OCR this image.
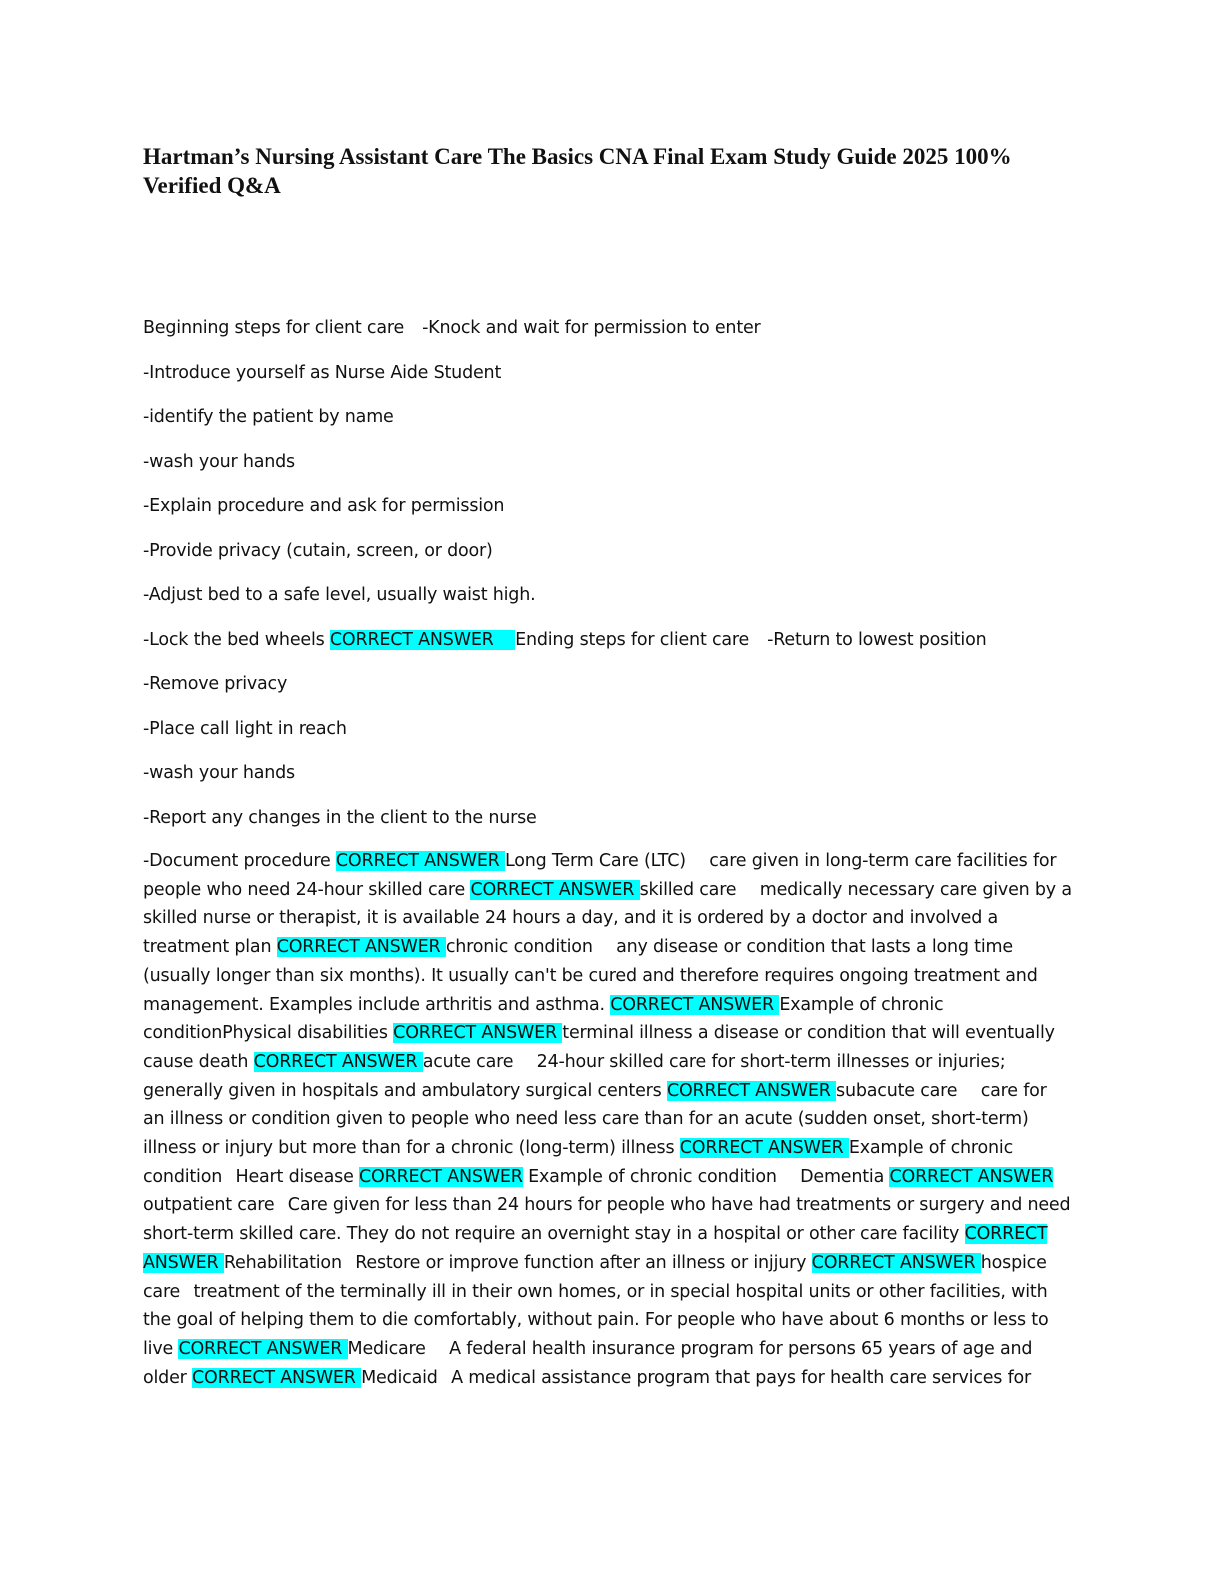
Hartman’s Nursing Assistant Care The Basics CNA Final Exam Study Guide 2025 100%
Verified Q&A
Beginning steps for client care -Knock and wait for permission to enter
-Introduce yourself as Nurse Aide Student
-identify the patient by name
-wash your hands
-Explain procedure and ask for permission
-Provide privacy (cutain, screen, or door)
-Adjust bed to a safe level, usually waist high.
-Lock the bed wheels CORRECT ANSWER Ending steps for client care -Return to lowest position
-Remove privacy
-Place call light in reach
-wash your hands
-Report any changes in the client to the nurse
-Document procedure CORRECT ANSWER Long Term Care (LTC) care given in long-term care facilities for people who need 24-hour skilled care CORRECT ANSWER skilled care medically necessary care given by a skilled nurse or therapist, it is available 24 hours a day, and it is ordered by a doctor and involved a treatment plan CORRECT ANSWER chronic condition any disease or condition that lasts a long time (usually longer than six months). It usually can't be cured and therefore requires ongoing treatment and management. Examples include arthritis and asthma. CORRECT ANSWER Example of chronic conditionPhysical disabilities CORRECT ANSWER terminal illness a disease or condition that will eventually cause death CORRECT ANSWER acute care 24-hour skilled care for short-term illnesses or injuries; generally given in hospitals and ambulatory surgical centers CORRECT ANSWER subacute care care for an illness or condition given to people who need less care than for an acute (sudden onset, short-term) illness or injury but more than for a chronic (long-term) illness CORRECT ANSWER Example of chronic condition Heart disease CORRECT ANSWER Example of chronic condition Dementia CORRECT ANSWER outpatient care Care given for less than 24 hours for people who have had treatments or surgery and need short-term skilled care. They do not require an overnight stay in a hospital or other care facility CORRECT ANSWER Rehabilitation Restore or improve function after an illness or injjury CORRECT ANSWER hospice care treatment of the terminally ill in their own homes, or in special hospital units or other facilities, with the goal of helping them to die comfortably, without pain. For people who have about 6 months or less to live CORRECT ANSWER Medicare A federal health insurance program for persons 65 years of age and older CORRECT ANSWER Medicaid A medical assistance program that pays for health care services for
